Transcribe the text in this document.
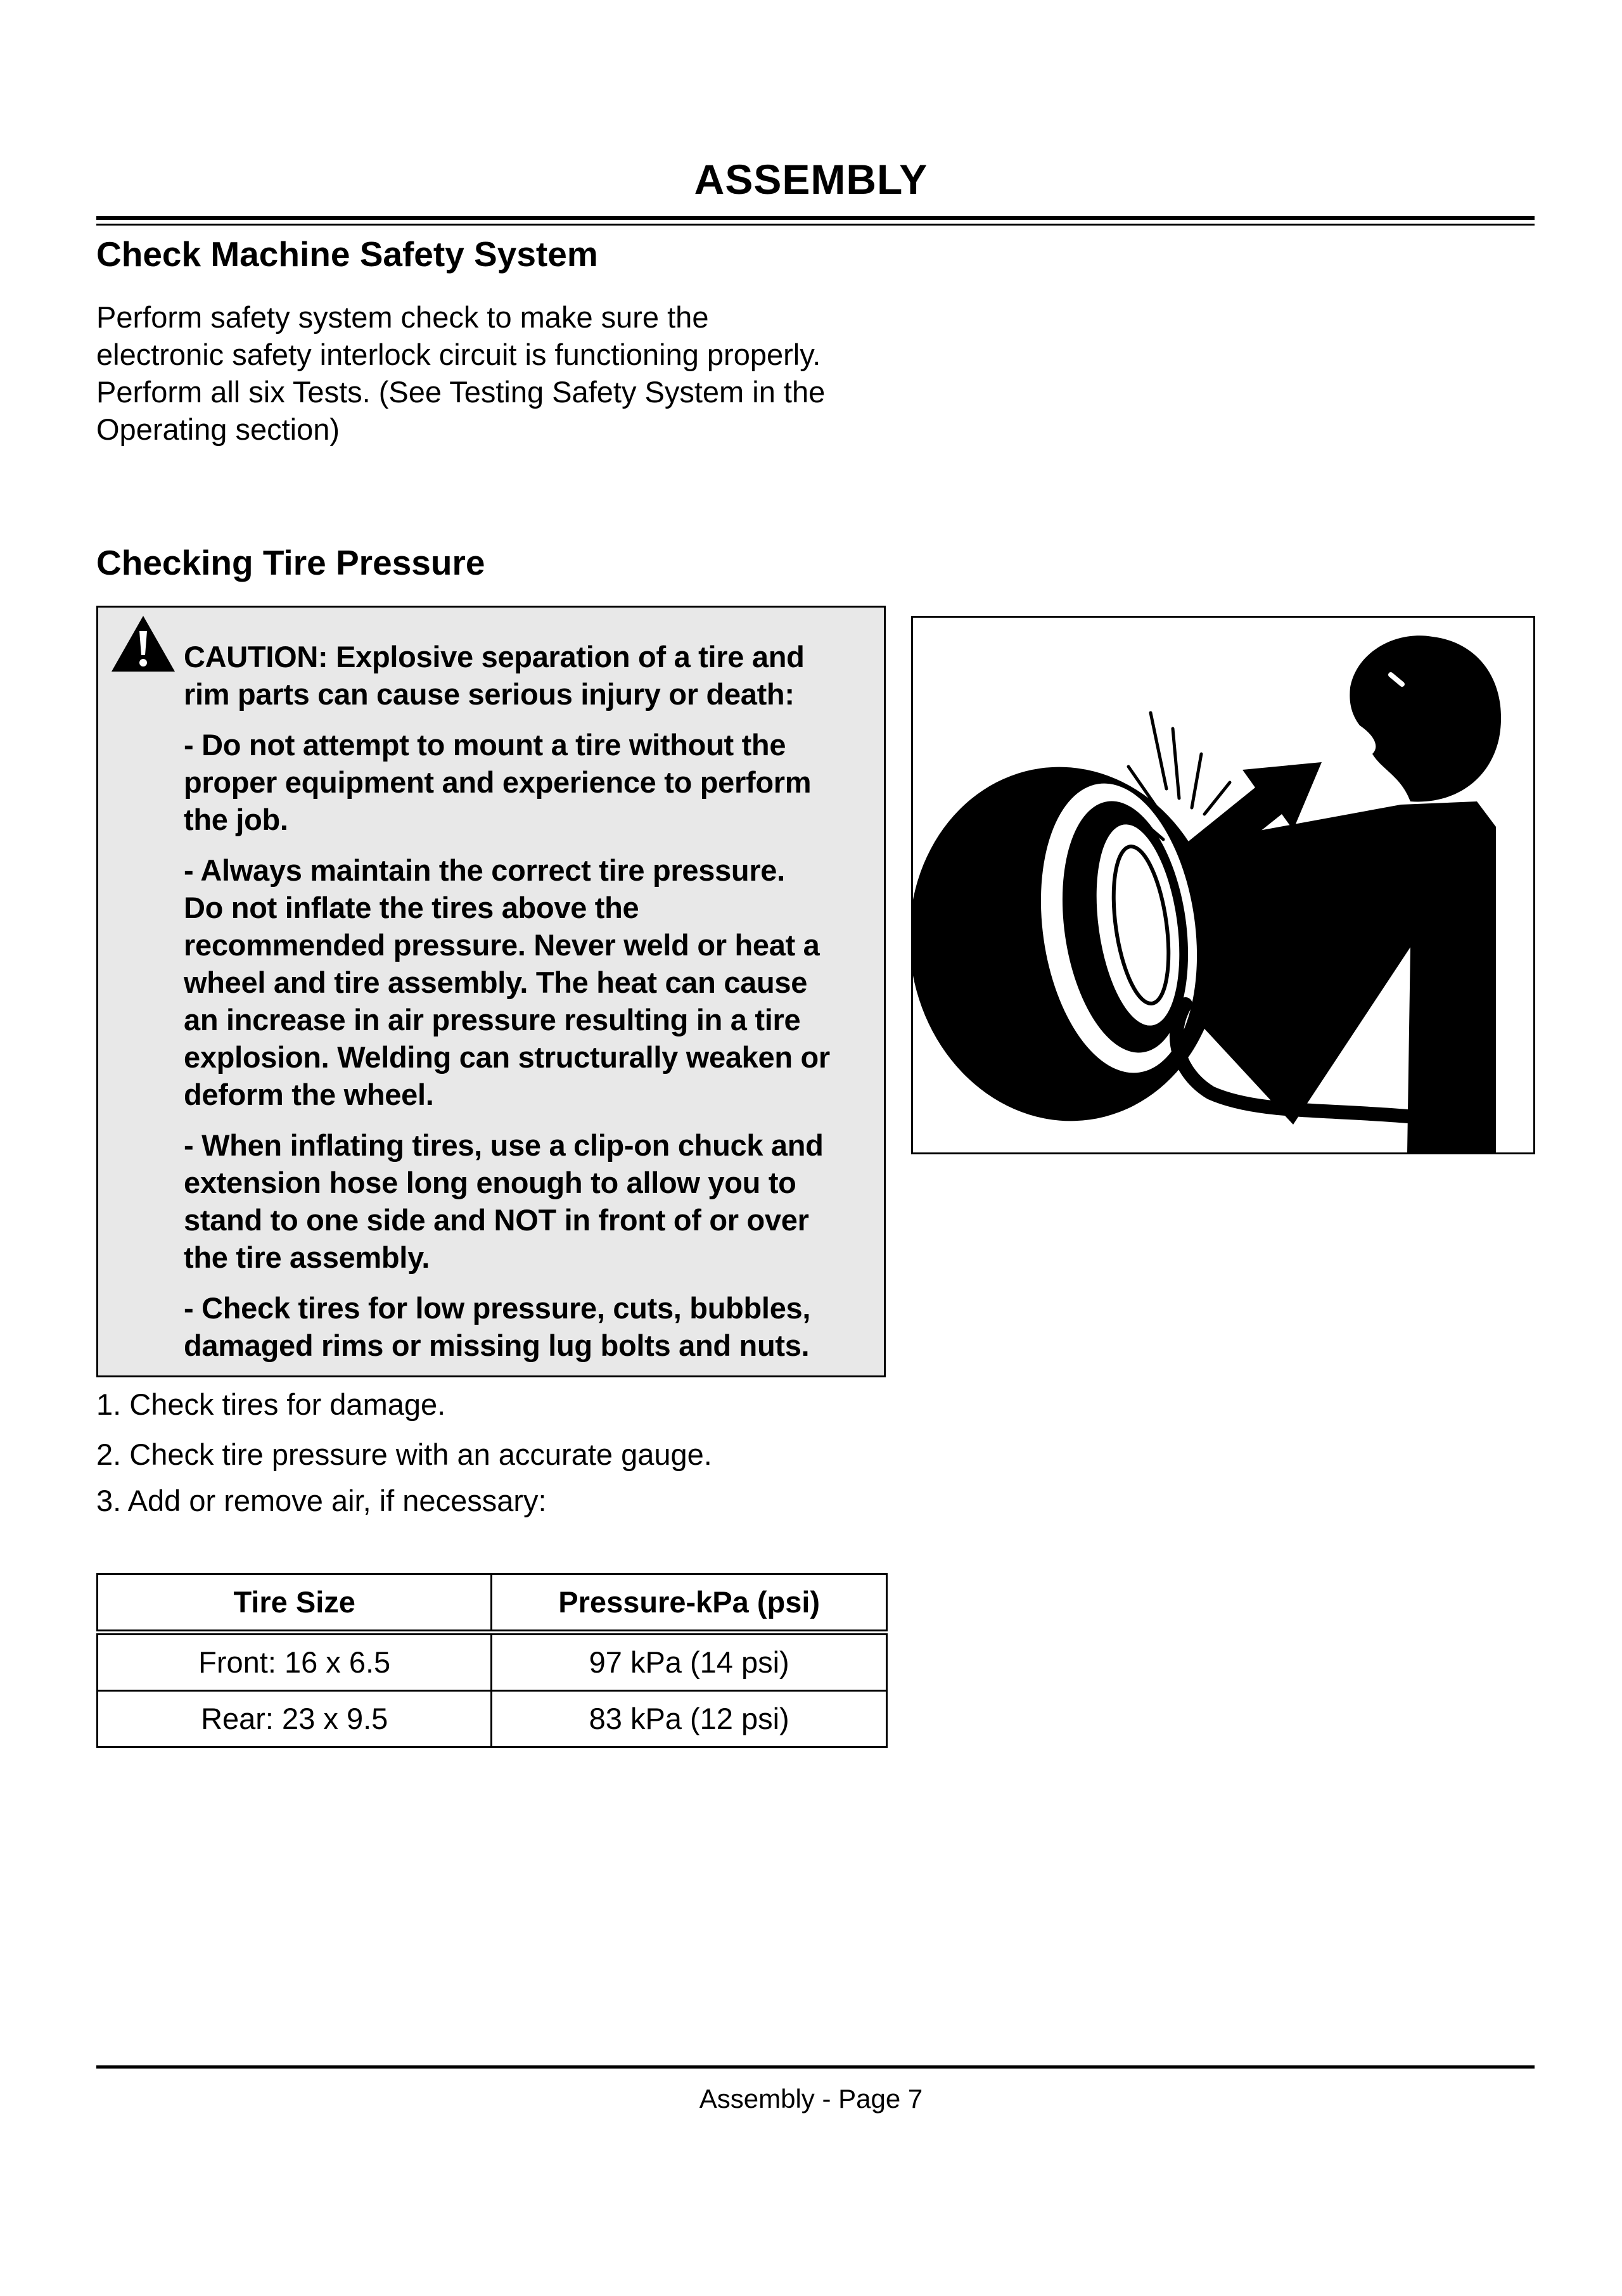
ASSEMBLY
Check Machine Safety System
Perform safety system check to make sure the
electronic safety interlock circuit is functioning properly.
Perform all six Tests. (See Testing Safety System in the
Operating section)
Checking Tire Pressure
CAUTION: Explosive separation of a tire and
rim parts can cause serious injury or death:
- Do not attempt to mount a tire without the
proper equipment and experience to perform
the job.
- Always maintain the correct tire pressure.
Do not inflate the tires above the
recommended pressure. Never weld or heat a
wheel and tire assembly. The heat can cause
an increase in air pressure resulting in a tire
explosion. Welding can structurally weaken or
deform the wheel.
- When inflating tires, use a clip-on chuck and
extension hose long enough to allow you to
stand to one side and NOT in front of or over
the tire assembly.
- Check tires for low pressure, cuts, bubbles,
damaged rims or missing lug bolts and nuts.
1. Check tires for damage.
2. Check tire pressure with an accurate gauge.
3. Add or remove air, if necessary:
Tire Size	Pressure-kPa (psi)
Front: 16 x 6.5	97 kPa (14 psi)
Rear: 23 x 9.5	83 kPa (12 psi)
Assembly - Page 7
